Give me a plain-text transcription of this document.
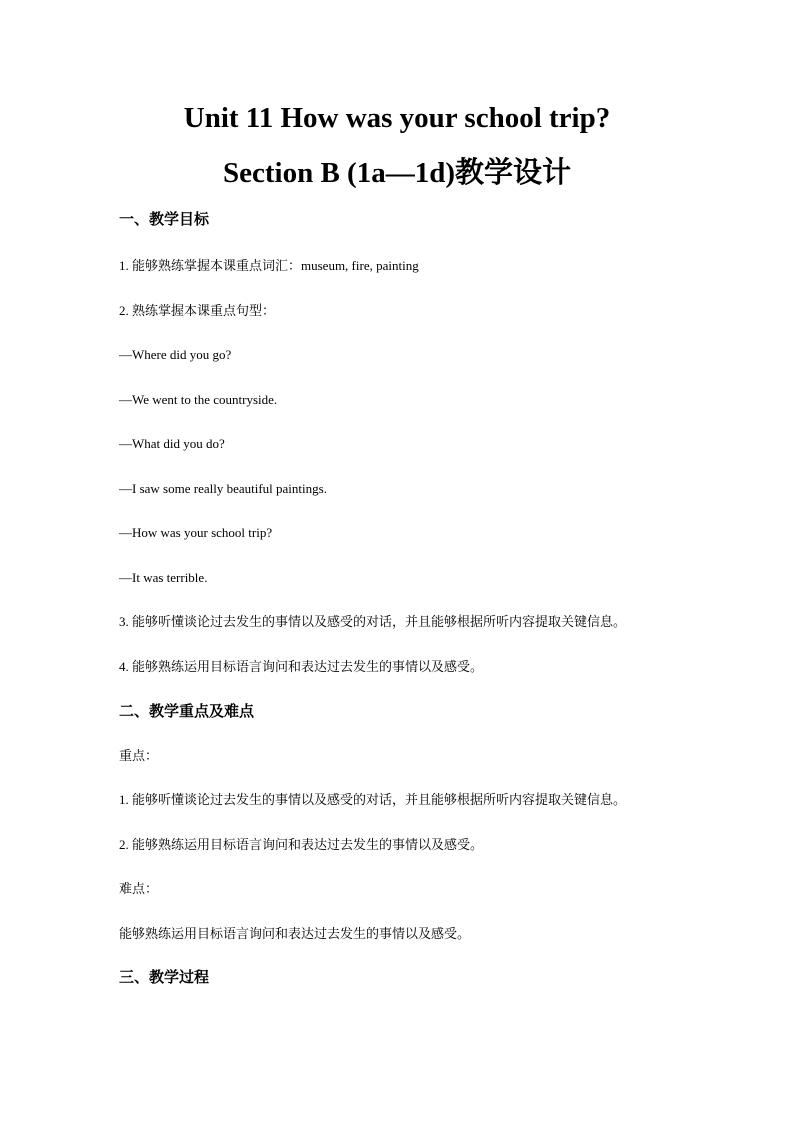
Unit 11 How was your school trip?
Section B (1a—1d)教学设计
一、教学目标
1. 能够熟练掌握本课重点词汇：museum, fire, painting
2. 熟练掌握本课重点句型：
—Where did you go?
—We went to the countryside.
—What did you do?
—I saw some really beautiful paintings.
—How was your school trip?
—It was terrible.
3. 能够听懂谈论过去发生的事情以及感受的对话，并且能够根据所听内容提取关键信息。
4. 能够熟练运用目标语言询问和表达过去发生的事情以及感受。
二、教学重点及难点
重点：
1. 能够听懂谈论过去发生的事情以及感受的对话，并且能够根据所听内容提取关键信息。
2. 能够熟练运用目标语言询问和表达过去发生的事情以及感受。
难点：
能够熟练运用目标语言询问和表达过去发生的事情以及感受。
三、教学过程
